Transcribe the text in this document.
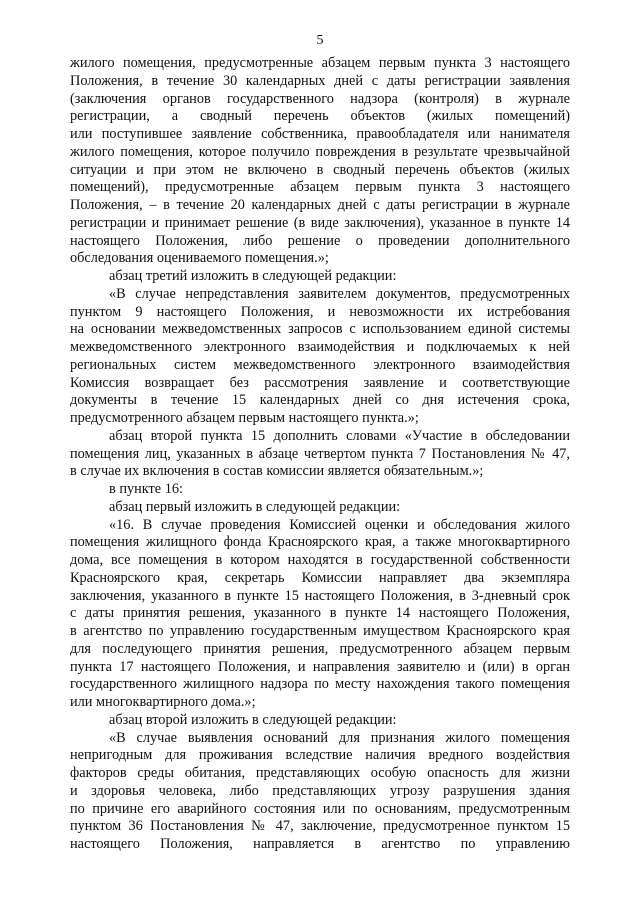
5
жилого помещения, предусмотренные абзацем первым пункта 3 настоящего
Положения, в течение 30 календарных дней с даты регистрации заявления
(заключения органов государственного надзора (контроля) в журнале
регистрации, а сводный перечень объектов (жилых помещений)
или поступившее заявление собственника, правообладателя или нанимателя
жилого помещения, которое получило повреждения в результате чрезвычайной
ситуации и при этом не включено в сводный перечень объектов (жилых
помещений), предусмотренные абзацем первым пункта 3 настоящего
Положения, – в течение 20 календарных дней с даты регистрации в журнале
регистрации и принимает решение (в виде заключения), указанное в пункте 14
настоящего Положения, либо решение о проведении дополнительного
обследования оцениваемого помещения.»;
абзац третий изложить в следующей редакции:
«В случае непредставления заявителем документов, предусмотренных
пунктом 9 настоящего Положения, и невозможности их истребования
на основании межведомственных запросов с использованием единой системы
межведомственного электронного взаимодействия и подключаемых к ней
региональных систем межведомственного электронного взаимодействия
Комиссия возвращает без рассмотрения заявление и соответствующие
документы в течение 15 календарных дней со дня истечения срока,
предусмотренного абзацем первым настоящего пункта.»;
абзац второй пункта 15 дополнить словами «Участие в обследовании
помещения лиц, указанных в абзаце четвертом пункта 7 Постановления № 47,
в случае их включения в состав комиссии является обязательным.»;
в пункте 16:
абзац первый изложить в следующей редакции:
«16. В случае проведения Комиссией оценки и обследования жилого
помещения жилищного фонда Красноярского края, а также многоквартирного
дома, все помещения в котором находятся в государственной собственности
Красноярского края, секретарь Комиссии направляет два экземпляра
заключения, указанного в пункте 15 настоящего Положения, в 3-дневный срок
с даты принятия решения, указанного в пункте 14 настоящего Положения,
в агентство по управлению государственным имуществом Красноярского края
для последующего принятия решения, предусмотренного абзацем первым
пункта 17 настоящего Положения, и направления заявителю и (или) в орган
государственного жилищного надзора по месту нахождения такого помещения
или многоквартирного дома.»;
абзац второй изложить в следующей редакции:
«В случае выявления оснований для признания жилого помещения
непригодным для проживания вследствие наличия вредного воздействия
факторов среды обитания, представляющих особую опасность для жизни
и здоровья человека, либо представляющих угрозу разрушения здания
по причине его аварийного состояния или по основаниям, предусмотренным
пунктом 36 Постановления № 47, заключение, предусмотренное пунктом 15
настоящего Положения, направляется в агентство по управлению
